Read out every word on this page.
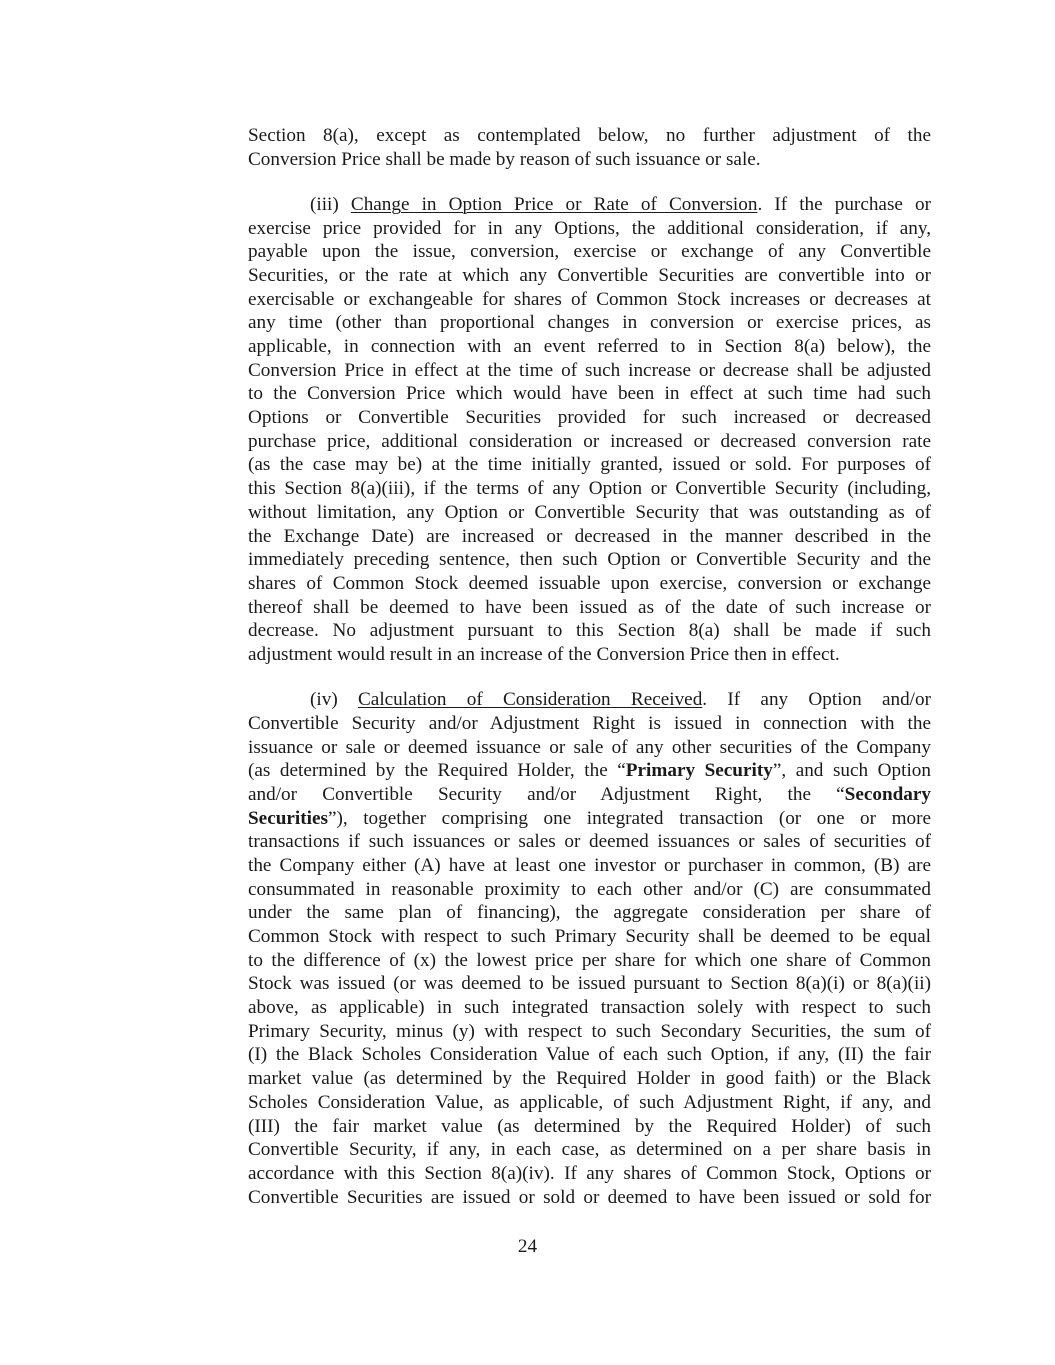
Section 8(a), except as contemplated below, no further adjustment of the
Conversion Price shall be made by reason of such issuance or sale.
(iii) Change in Option Price or Rate of Conversion. If the purchase or
exercise price provided for in any Options, the additional consideration, if any,
payable upon the issue, conversion, exercise or exchange of any Convertible
Securities, or the rate at which any Convertible Securities are convertible into or
exercisable or exchangeable for shares of Common Stock increases or decreases at
any time (other than proportional changes in conversion or exercise prices, as
applicable, in connection with an event referred to in Section 8(a) below), the
Conversion Price in effect at the time of such increase or decrease shall be adjusted
to the Conversion Price which would have been in effect at such time had such
Options or Convertible Securities provided for such increased or decreased
purchase price, additional consideration or increased or decreased conversion rate
(as the case may be) at the time initially granted, issued or sold. For purposes of
this Section 8(a)(iii), if the terms of any Option or Convertible Security (including,
without limitation, any Option or Convertible Security that was outstanding as of
the Exchange Date) are increased or decreased in the manner described in the
immediately preceding sentence, then such Option or Convertible Security and the
shares of Common Stock deemed issuable upon exercise, conversion or exchange
thereof shall be deemed to have been issued as of the date of such increase or
decrease. No adjustment pursuant to this Section 8(a) shall be made if such
adjustment would result in an increase of the Conversion Price then in effect.
(iv) Calculation of Consideration Received. If any Option and/or
Convertible Security and/or Adjustment Right is issued in connection with the
issuance or sale or deemed issuance or sale of any other securities of the Company
(as determined by the Required Holder, the “Primary Security”, and such Option
and/or Convertible Security and/or Adjustment Right, the “Secondary
Securities”), together comprising one integrated transaction (or one or more
transactions if such issuances or sales or deemed issuances or sales of securities of
the Company either (A) have at least one investor or purchaser in common, (B) are
consummated in reasonable proximity to each other and/or (C) are consummated
under the same plan of financing), the aggregate consideration per share of
Common Stock with respect to such Primary Security shall be deemed to be equal
to the difference of (x) the lowest price per share for which one share of Common
Stock was issued (or was deemed to be issued pursuant to Section 8(a)(i) or 8(a)(ii)
above, as applicable) in such integrated transaction solely with respect to such
Primary Security, minus (y) with respect to such Secondary Securities, the sum of
(I) the Black Scholes Consideration Value of each such Option, if any, (II) the fair
market value (as determined by the Required Holder in good faith) or the Black
Scholes Consideration Value, as applicable, of such Adjustment Right, if any, and
(III) the fair market value (as determined by the Required Holder) of such
Convertible Security, if any, in each case, as determined on a per share basis in
accordance with this Section 8(a)(iv). If any shares of Common Stock, Options or
Convertible Securities are issued or sold or deemed to have been issued or sold for
24
